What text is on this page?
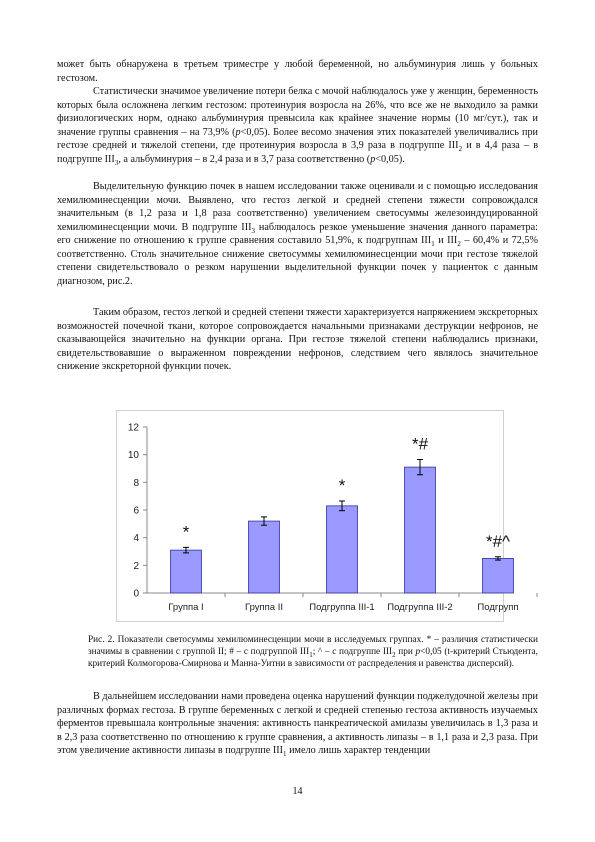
может быть обнаружена в третьем триместре у любой беременной, но альбуминурия лишь у больных гестозом.

Статистически значимое увеличение потери белка с мочой наблюдалось уже у женщин, беременность которых была осложнена легким гестозом: протеинурия возросла на 26%, что все же не выходило за рамки физиологических норм, однако альбуминурия превысила как крайнее значение нормы (10 мг/сут.), так и значение группы сравнения – на 73,9% (p<0,05). Более весомо значения этих показателей увеличивались при гестозе средней и тяжелой степени, где протеинурия возросла в 3,9 раза в подгруппе $III_2$ и в 4,4 раза – в подгруппе $III_3$, а альбуминурия – в 2,4 раза и в 3,7 раза соответственно (p<0,05).

Выделительную функцию почек в нашем исследовании также оценивали и с помощью исследования хемилюминесценции мочи. Выявлено, что гестоз легкой и средней степени тяжести сопровождался значительным (в 1,2 раза и 1,8 раза соответственно) увеличением светосуммы железоиндуцированной хемилюминесценции мочи. В подгруппе $III_3$ наблюдалось резкое уменьшение значения данного параметра: его снижение по отношению к группе сравнения составило 51,9%, к подгруппам $III_1$ и $III_2 - 60,4\%$ и 72,5% соответственно. Столь значительное снижение светосуммы хемилюминесценции мочи при гестозе тяжелой степени свидетельствовало о резком нарушении выделительной функции почек у пациенток с данным диагнозом, рис.2.

Таким образом, гестоз легкой и средней степени тяжести характеризуется напряжением экскреторных возможностей почечной ткани, которое сопровождается начальными признаками деструкции нефронов, не сказывающейся значительно на функции органа. При гестозе тяжелой степени наблюдались признаки, свидетельствовавшие о выраженном повреждении нефронов, следствием чего являлось значительное снижение экскреторной функции почек.

0
2
4
6
8
10
12
*
Группа I	Группа II
*
Подгруппа III-1
*#
Подгруппа III-2
*#^
Подгрупп

Рис. 2. Показатели светосуммы хемилюминесценции мочи в исследуемых группах. * – различия статистически значимы в сравнении с группой II; # – с подгруппой $III_1$; ^ – с подгруппе $III_2$ при p<0,05 (t-критерий Стьюдента, критерий Колмогорова-Смирнова и Манна-Уитни в зависимости от распределения и равенства дисперсий).

В дальнейшем исследовании нами проведена оценка нарушений функции поджелудочной железы при различных формах гестоза. В группе беременных с легкой и средней степенью гестоза активность изучаемых ферментов превышала контрольные значения: активность панкреатической амилазы увеличилась в 1,3 раза и в 2,3 раза соответственно по отношению к группе сравнения, а активность липазы – в 1,1 раза и 2,3 раза. При этом увеличение активности липазы в подгруппе $III_1$ имело лишь характер тенденции

14
